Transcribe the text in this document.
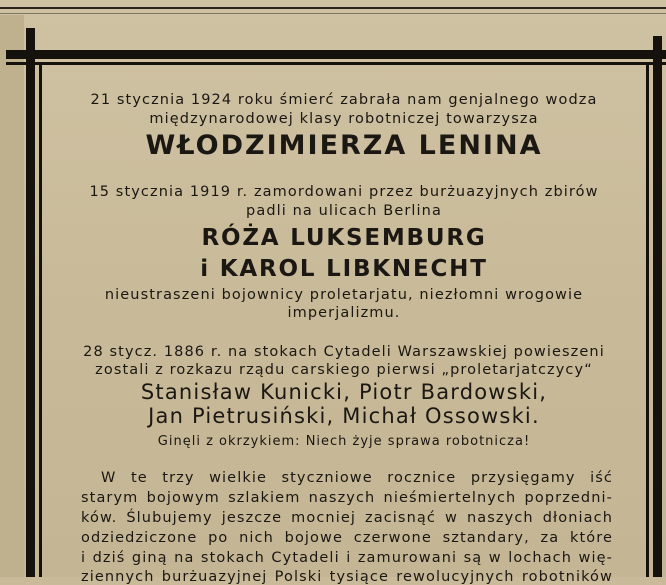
21 stycznia 1924 roku śmierć zabrała nam genjalnego wodza
międzynarodowej klasy robotniczej towarzysza
WŁODZIMIERZA LENINA
15 stycznia 1919 r. zamordowani przez burżuazyjnych zbirów
padli na ulicach Berlina
RÓŻA LUKSEMBURG
i KAROL LIBKNECHT
nieustraszeni bojownicy proletarjatu, niezłomni wrogowie
imperjalizmu.
28 stycz. 1886 r. na stokach Cytadeli Warszawskiej powieszeni
zostali z rozkazu rządu carskiego pierwsi „proletarjatczycy“
Stanisław Kunicki, Piotr Bardowski,
Jan Pietrusiński, Michał Ossowski.
Ginęli z okrzykiem: Niech żyje sprawa robotnicza!
W te trzy wielkie styczniowe rocznice przysięgamy iść
starym bojowym szlakiem naszych nieśmiertelnych poprzedni-
ków. Ślubujemy jeszcze mocniej zacisnąć w naszych dłoniach
odziedziczone po nich bojowe czerwone sztandary, za które
i dziś giną na stokach Cytadeli i zamurowani są w lochach wię-
ziennych burżuazyjnej Polski tysiące rewolucyjnych robotników
